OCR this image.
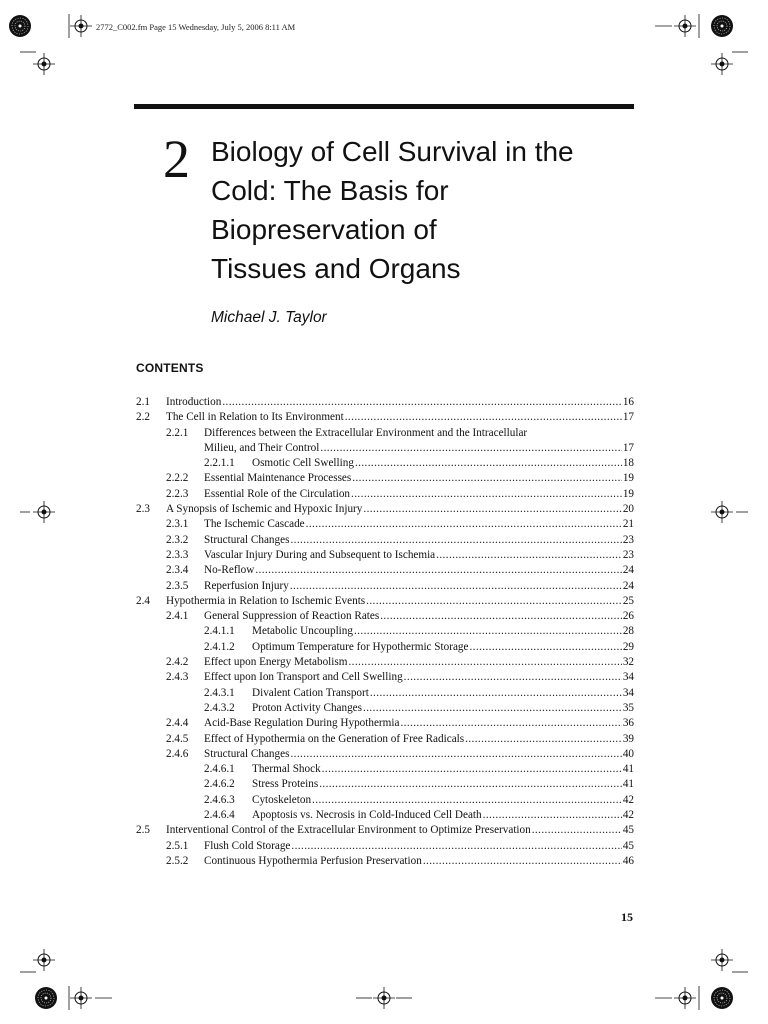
2772_C002.fm Page 15 Wednesday, July 5, 2006 8:11 AM
2 Biology of Cell Survival in the
Cold: The Basis for
Biopreservation of
Tissues and Organs
Michael J. Taylor
CONTENTS
2.1 Introduction .....	16
2.2 The Cell in Relation to Its Environment .....	17
2.2.1 Differences between the Extracellular Environment and the Intracellular
Milieu, and Their Control .....	17
2.2.1.1 Osmotic Cell Swelling .....	18
2.2.2 Essential Maintenance Processes .....	19
2.2.3 Essential Role of the Circulation .....	19
2.3 A Synopsis of Ischemic and Hypoxic Injury .....	20
2.3.1 The Ischemic Cascade .....	21
2.3.2 Structural Changes .....	23
2.3.3 Vascular Injury During and Subsequent to Ischemia .....	23
2.3.4 No-Reflow .....	24
2.3.5 Reperfusion Injury .....	24
2.4 Hypothermia in Relation to Ischemic Events .....	25
2.4.1 General Suppression of Reaction Rates .....	26
2.4.1.1 Metabolic Uncoupling .....	28
2.4.1.2 Optimum Temperature for Hypothermic Storage .....	29
2.4.2 Effect upon Energy Metabolism .....	32
2.4.3 Effect upon Ion Transport and Cell Swelling .....	34
2.4.3.1 Divalent Cation Transport .....	34
2.4.3.2 Proton Activity Changes .....	35
2.4.4 Acid-Base Regulation During Hypothermia .....	36
2.4.5 Effect of Hypothermia on the Generation of Free Radicals .....	39
2.4.6 Structural Changes .....	40
2.4.6.1 Thermal Shock .....	41
2.4.6.2 Stress Proteins .....	41
2.4.6.3 Cytoskeleton .....	42
2.4.6.4 Apoptosis vs. Necrosis in Cold-Induced Cell Death .....	42
2.5 Interventional Control of the Extracellular Environment to Optimize Preservation .....	45
2.5.1 Flush Cold Storage .....	45
2.5.2 Continuous Hypothermia Perfusion Preservation .....	46
15
